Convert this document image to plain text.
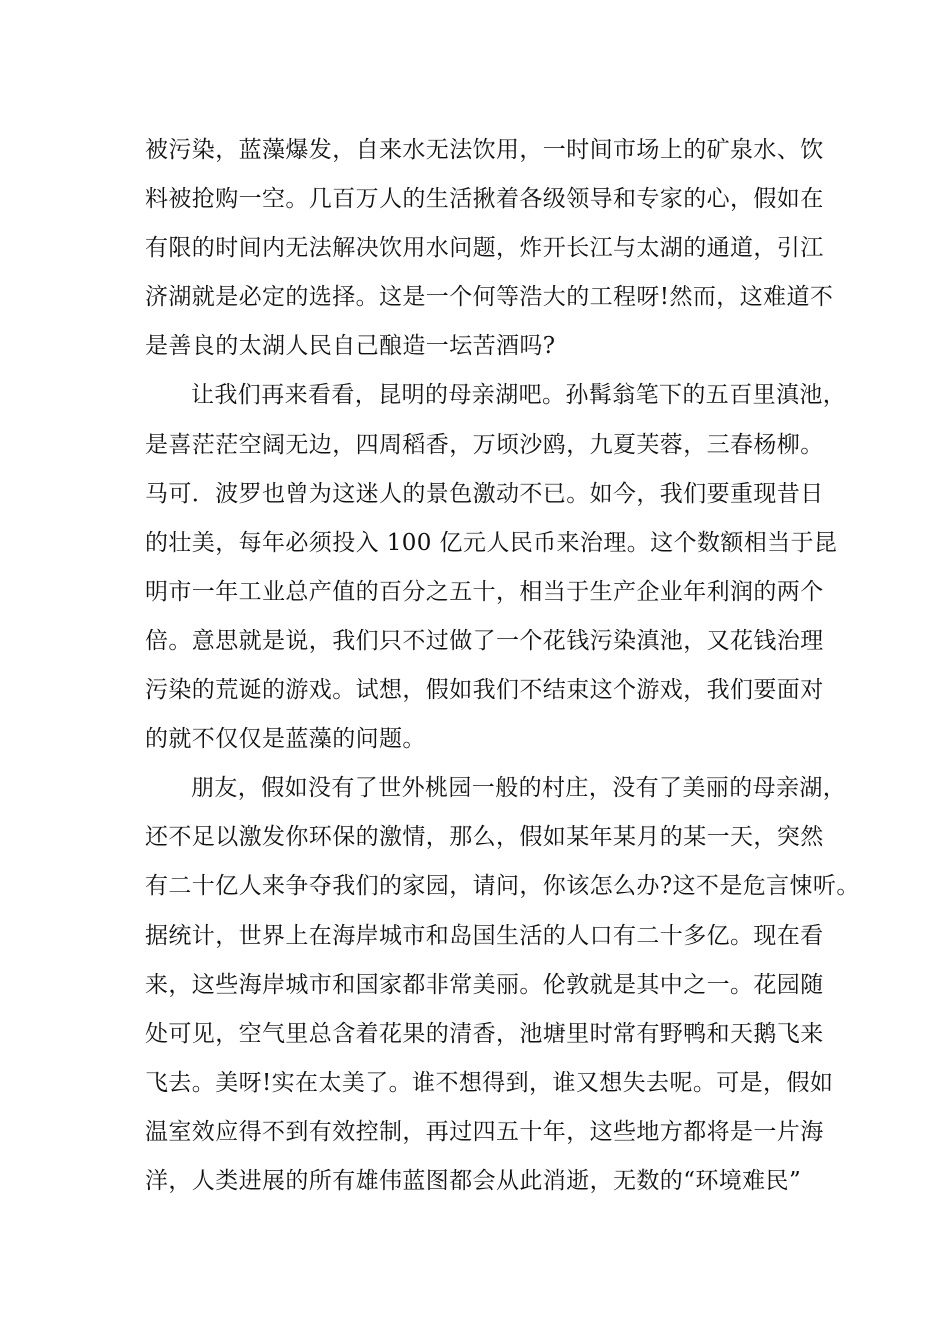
被污染，蓝藻爆发，自来水无法饮用，一时间市场上的矿泉水、饮
料被抢购一空。几百万人的生活揪着各级领导和专家的心，假如在
有限的时间内无法解决饮用水问题，炸开长江与太湖的通道，引江
济湖就是必定的选择。这是一个何等浩大的工程呀!然而，这难道不
是善良的太湖人民自己酿造一坛苦酒吗?
让我们再来看看，昆明的母亲湖吧。孙髯翁笔下的五百里滇池，
是喜茫茫空阔无边，四周稻香，万顷沙鸥，九夏芙蓉，三春杨柳。
马可．波罗也曾为这迷人的景色激动不已。如今，我们要重现昔日
的壮美，每年必须投入 100 亿元人民币来治理。这个数额相当于昆
明市一年工业总产值的百分之五十，相当于生产企业年利润的两个
倍。意思就是说，我们只不过做了一个花钱污染滇池，又花钱治理
污染的荒诞的游戏。试想，假如我们不结束这个游戏，我们要面对
的就不仅仅是蓝藻的问题。
朋友，假如没有了世外桃园一般的村庄，没有了美丽的母亲湖，
还不足以激发你环保的激情，那么，假如某年某月的某一天，突然
有二十亿人来争夺我们的家园，请问，你该怎么办?这不是危言悚听。
据统计，世界上在海岸城市和岛国生活的人口有二十多亿。现在看
来，这些海岸城市和国家都非常美丽。伦敦就是其中之一。花园随
处可见，空气里总含着花果的清香，池塘里时常有野鸭和天鹅飞来
飞去。美呀!实在太美了。谁不想得到，谁又想失去呢。可是，假如
温室效应得不到有效控制，再过四五十年，这些地方都将是一片海
洋，人类进展的所有雄伟蓝图都会从此消逝，无数的“环境难民”
